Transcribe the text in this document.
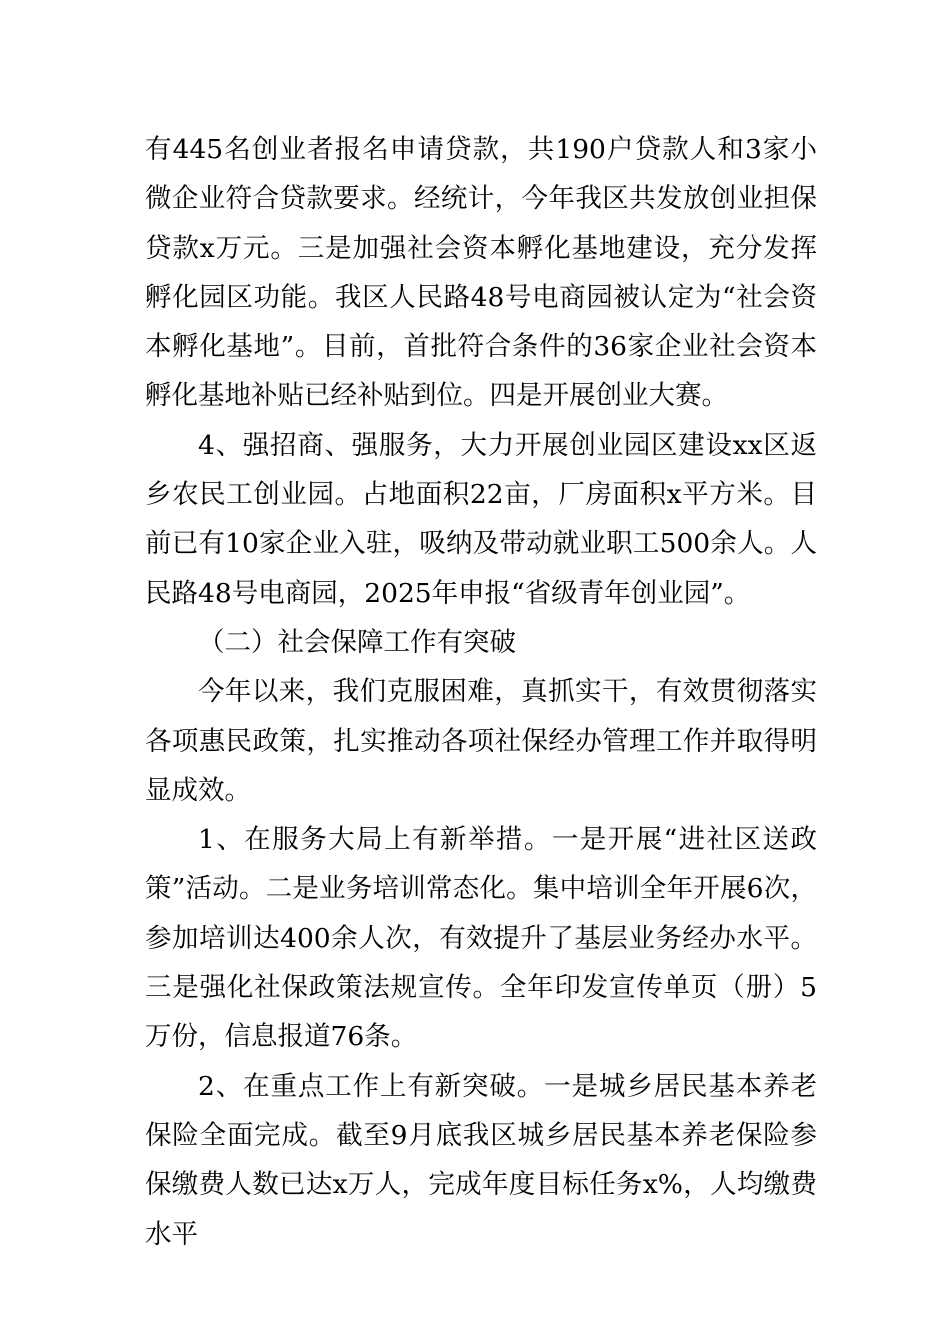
有445名创业者报名申请贷款，共190户贷款人和3家小微企业符合贷款要求。经统计，今年我区共发放创业担保贷款x万元。三是加强社会资本孵化基地建设，充分发挥孵化园区功能。我区人民路48号电商园被认定为“社会资本孵化基地”。目前，首批符合条件的36家企业社会资本孵化基地补贴已经补贴到位。四是开展创业大赛。

4、强招商、强服务，大力开展创业园区建设xx区返乡农民工创业园。占地面积22亩，厂房面积x平方米。目前已有10家企业入驻，吸纳及带动就业职工500余人。人民路48号电商园，2025年申报“省级青年创业园”。

（二）社会保障工作有突破

今年以来，我们克服困难，真抓实干，有效贯彻落实各项惠民政策，扎实推动各项社保经办管理工作并取得明显成效。

1、在服务大局上有新举措。一是开展“进社区送政策”活动。二是业务培训常态化。集中培训全年开展6次，参加培训达400余人次，有效提升了基层业务经办水平。三是强化社保政策法规宣传。全年印发宣传单页（册）5万份，信息报道76条。

2、在重点工作上有新突破。一是城乡居民基本养老保险全面完成。截至9月底我区城乡居民基本养老保险参保缴费人数已达x万人，完成年度目标任务x%，人均缴费水平
